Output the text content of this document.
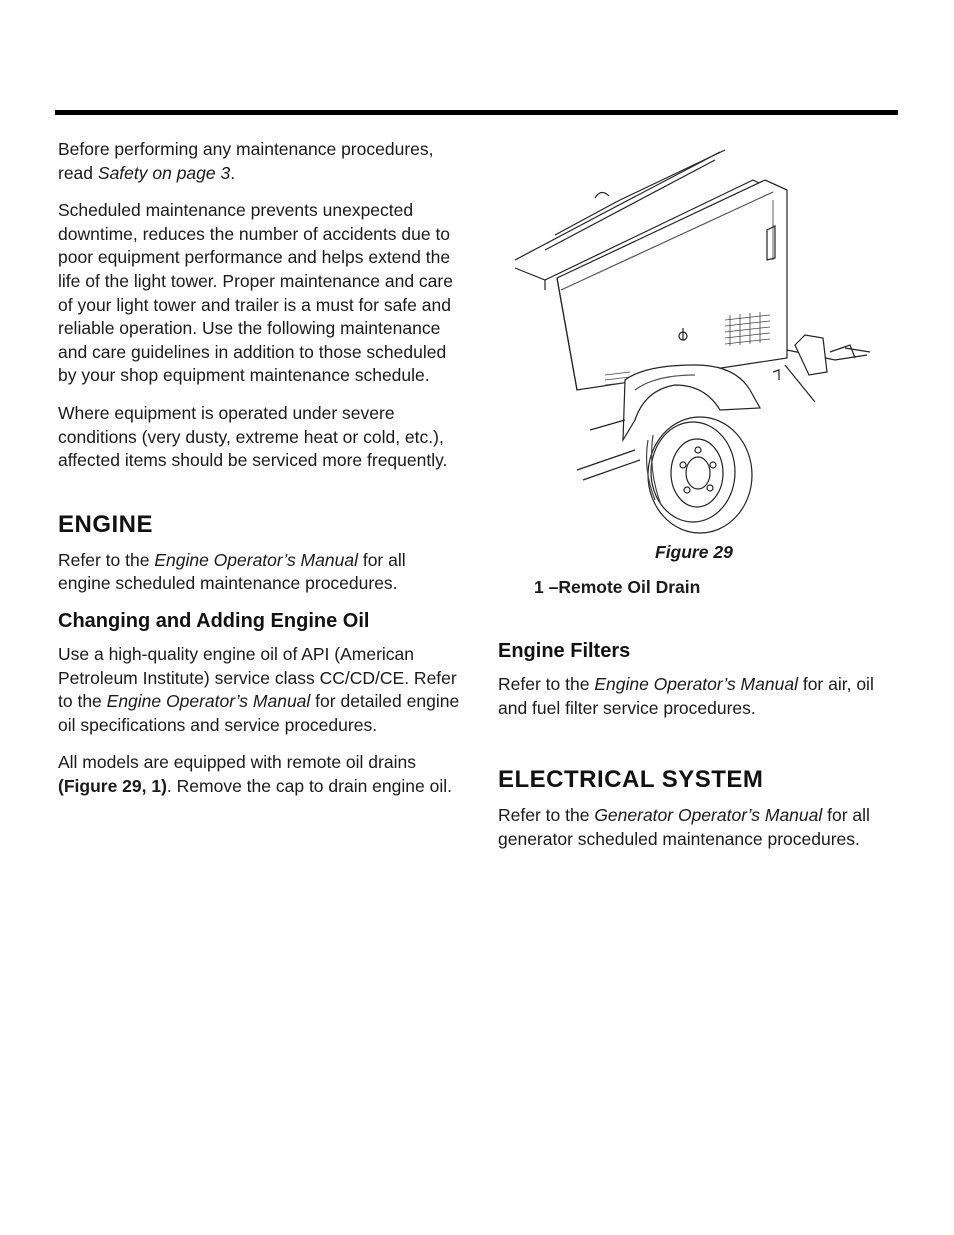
Before performing any maintenance procedures, read Safety on page 3.

Scheduled maintenance prevents unexpected downtime, reduces the number of accidents due to poor equipment performance and helps extend the life of the light tower. Proper maintenance and care of your light tower and trailer is a must for safe and reliable operation. Use the following maintenance and care guidelines in addition to those scheduled by your shop equipment maintenance schedule.

Where equipment is operated under severe conditions (very dusty, extreme heat or cold, etc.), affected items should be serviced more frequently.

ENGINE

Refer to the Engine Operator’s Manual for all engine scheduled maintenance procedures.

Changing and Adding Engine Oil

Use a high-quality engine oil of API (American Petroleum Institute) service class CC/CD/CE. Refer to the Engine Operator’s Manual for detailed engine oil specifications and service procedures.

All models are equipped with remote oil drains (Figure 29, 1). Remove the cap to drain engine oil.

Figure 29
1 –Remote Oil Drain
Engine Filters

Refer to the Engine Operator’s Manual for air, oil and fuel filter service procedures.

ELECTRICAL SYSTEM

Refer to the Generator Operator’s Manual for all generator scheduled maintenance procedures.
